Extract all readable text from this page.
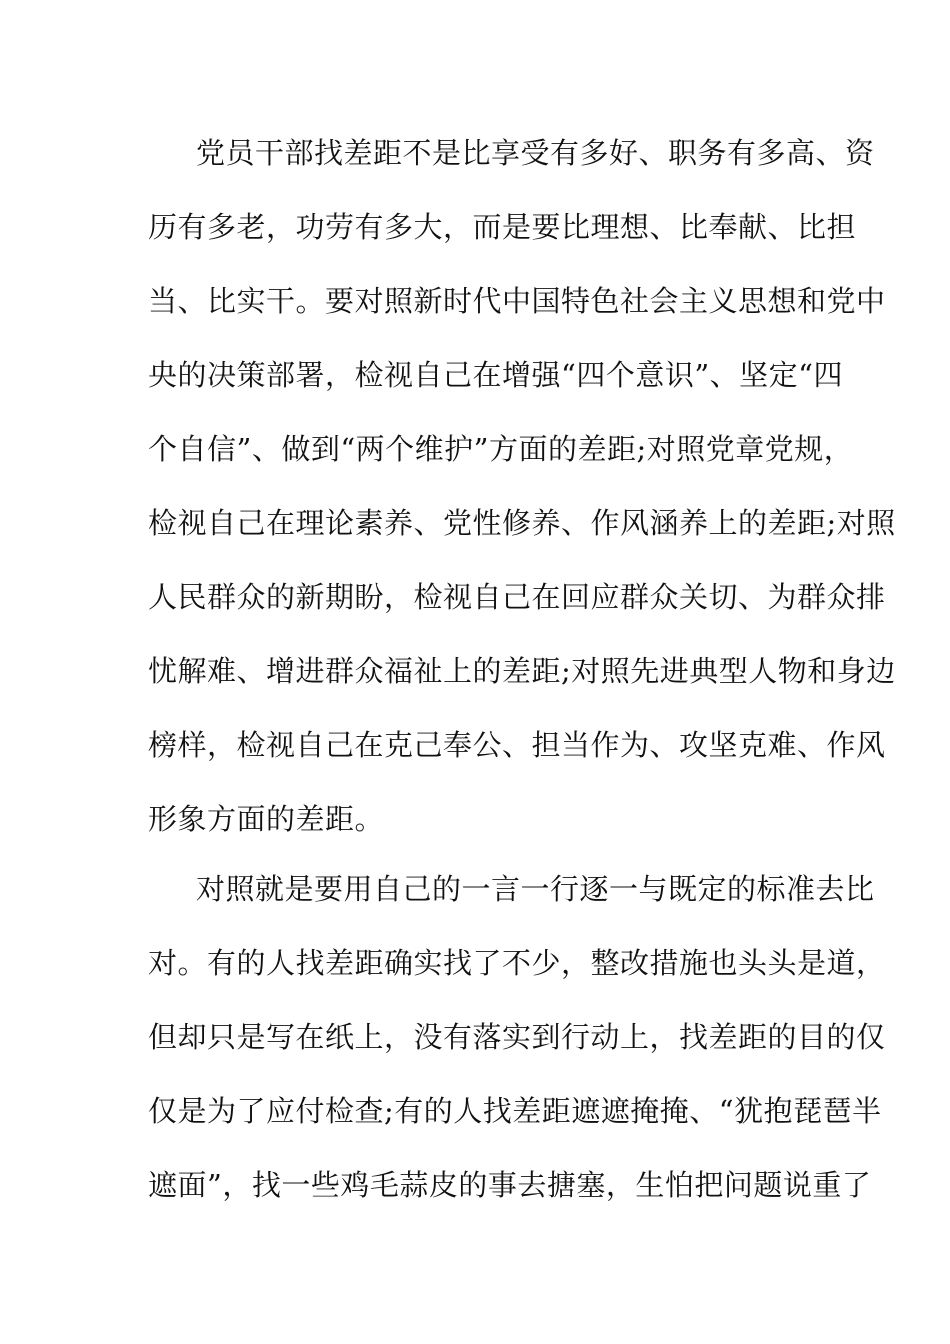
党员干部找差距不是比享受有多好、职务有多高、资
历有多老，功劳有多大，而是要比理想、比奉献、比担
当、比实干。要对照新时代中国特色社会主义思想和党中
央的决策部署，检视自己在增强“四个意识”、坚定“四
个自信”、做到“两个维护”方面的差距;对照党章党规，
检视自己在理论素养、党性修养、作风涵养上的差距;对照
人民群众的新期盼，检视自己在回应群众关切、为群众排
忧解难、增进群众福祉上的差距;对照先进典型人物和身边
榜样，检视自己在克己奉公、担当作为、攻坚克难、作风
形象方面的差距。
对照就是要用自己的一言一行逐一与既定的标准去比
对。有的人找差距确实找了不少，整改措施也头头是道，
但却只是写在纸上，没有落实到行动上，找差距的目的仅
仅是为了应付检查;有的人找差距遮遮掩掩、“犹抱琵琶半
遮面”，找一些鸡毛蒜皮的事去搪塞，生怕把问题说重了
